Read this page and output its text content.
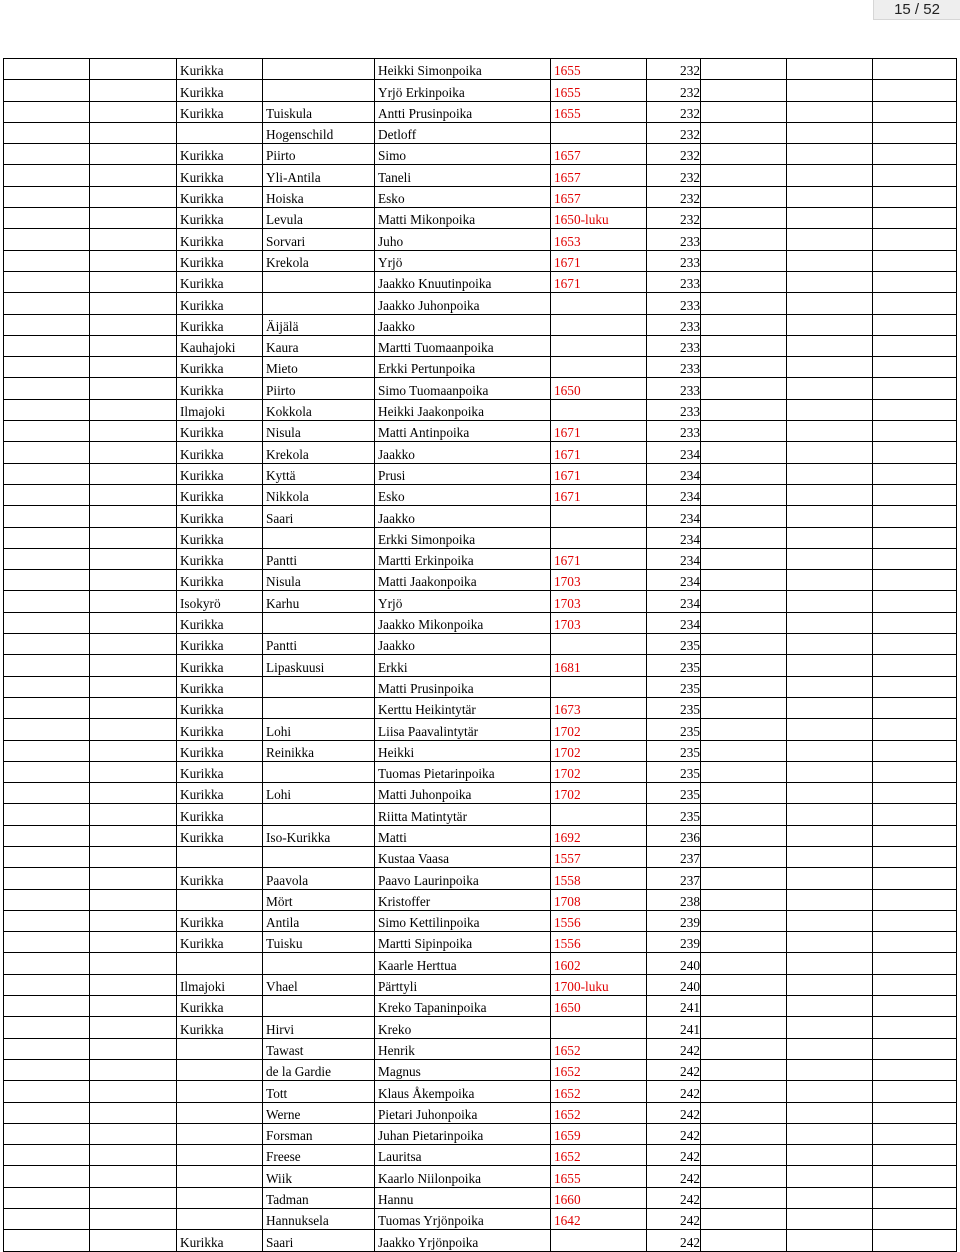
15 / 52
		Kurikka		Heikki Simonpoika	1655	232			
		Kurikka		Yrjö Erkinpoika	1655	232			
		Kurikka	Tuiskula	Antti Prusinpoika	1655	232			
			Hogenschild	Detloff		232			
		Kurikka	Piirto	Simo	1657	232			
		Kurikka	Yli-Antila	Taneli	1657	232			
		Kurikka	Hoiska	Esko	1657	232			
		Kurikka	Levula	Matti Mikonpoika	1650-luku	232			
		Kurikka	Sorvari	Juho	1653	233			
		Kurikka	Krekola	Yrjö	1671	233			
		Kurikka		Jaakko Knuutinpoika	1671	233			
		Kurikka		Jaakko Juhonpoika		233			
		Kurikka	Äijälä	Jaakko		233			
		Kauhajoki	Kaura	Martti Tuomaanpoika		233			
		Kurikka	Mieto	Erkki Pertunpoika		233			
		Kurikka	Piirto	Simo Tuomaanpoika	1650	233			
		Ilmajoki	Kokkola	Heikki Jaakonpoika		233			
		Kurikka	Nisula	Matti Antinpoika	1671	233			
		Kurikka	Krekola	Jaakko	1671	234			
		Kurikka	Kyttä	Prusi	1671	234			
		Kurikka	Nikkola	Esko	1671	234			
		Kurikka	Saari	Jaakko		234			
		Kurikka		Erkki Simonpoika		234			
		Kurikka	Pantti	Martti Erkinpoika	1671	234			
		Kurikka	Nisula	Matti Jaakonpoika	1703	234			
		Isokyrö	Karhu	Yrjö	1703	234			
		Kurikka		Jaakko Mikonpoika	1703	234			
		Kurikka	Pantti	Jaakko		235			
		Kurikka	Lipaskuusi	Erkki	1681	235			
		Kurikka		Matti Prusinpoika		235			
		Kurikka		Kerttu Heikintytär	1673	235			
		Kurikka	Lohi	Liisa Paavalintytär	1702	235			
		Kurikka	Reinikka	Heikki	1702	235			
		Kurikka		Tuomas Pietarinpoika	1702	235			
		Kurikka	Lohi	Matti Juhonpoika	1702	235			
		Kurikka		Riitta Matintytär		235			
		Kurikka	Iso-Kurikka	Matti	1692	236			
				Kustaa Vaasa	1557	237			
		Kurikka	Paavola	Paavo Laurinpoika	1558	237			
			Mört	Kristoffer	1708	238			
		Kurikka	Antila	Simo Kettilinpoika	1556	239			
		Kurikka	Tuisku	Martti Sipinpoika	1556	239			
				Kaarle Herttua	1602	240			
		Ilmajoki	Vhael	Pärttyli	1700-luku	240			
		Kurikka		Kreko Tapaninpoika	1650	241			
		Kurikka	Hirvi	Kreko		241			
			Tawast	Henrik	1652	242			
			de la Gardie	Magnus	1652	242			
			Tott	Klaus Åkempoika	1652	242			
			Werne	Pietari Juhonpoika	1652	242			
			Forsman	Juhan Pietarinpoika	1659	242			
			Freese	Lauritsa	1652	242			
			Wiik	Kaarlo Niilonpoika	1655	242			
			Tadman	Hannu	1660	242			
			Hannuksela	Tuomas Yrjönpoika	1642	242			
		Kurikka	Saari	Jaakko Yrjönpoika		242			
